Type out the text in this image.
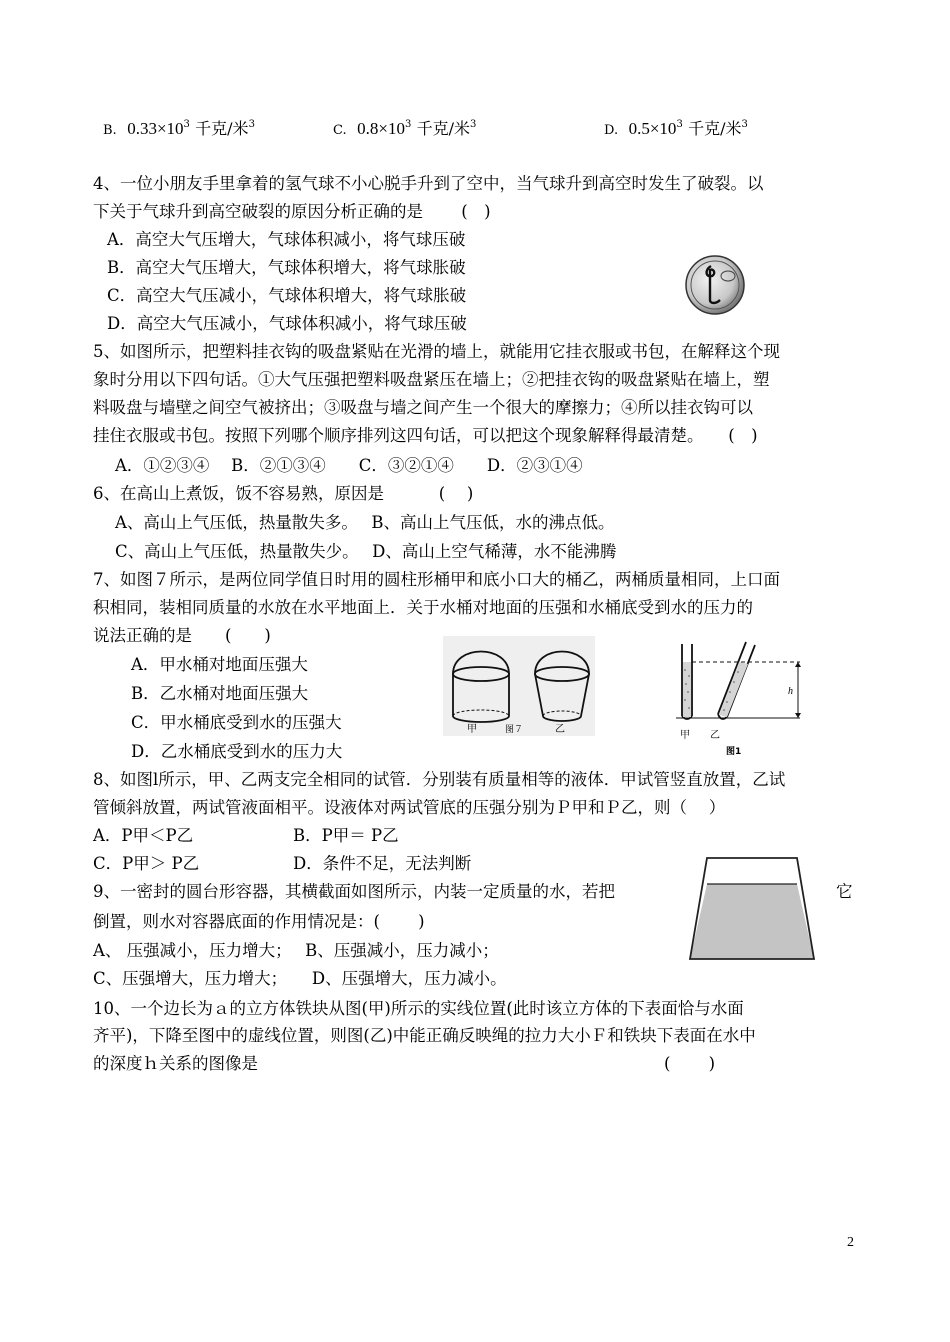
B. $0.33\times 10^3$ 千克/米$^3$	C. $0.8\times 10^3$ 千克/米$^3$	D. $0.5\times 10^3$ 千克/米$^3$
4、一位小朋友手里拿着的氢气球不小心脱手升到了空中，当气球升到高空时发生了破裂。以
下关于气球升到高空破裂的原因分析正确的是　　 (　)
A．高空大气压增大，气球体积减小，将气球压破
B．高空大气压增大，气球体积增大，将气球胀破
C．高空大气压减小，气球体积增大，将气球胀破
D．高空大气压减小，气球体积减小，将气球压破
5、如图所示，把塑料挂衣钩的吸盘紧贴在光滑的墙上，就能用它挂衣服或书包，在解释这个现
象时分用以下四句话。①大气压强把塑料吸盘紧压在墙上；②把挂衣钩的吸盘紧贴在墙上，塑
料吸盘与墙壁之间空气被挤出；③吸盘与墙之间产生一个很大的摩擦力；④所以挂衣钩可以
挂住衣服或书包。按照下列哪个顺序排列这四句话，可以把这个现象解释得最清楚。　　(　)
A．①②③④　 B．②①③④　　C．③②①④　　D．②③①④
6、在高山上煮饭，饭不容易熟，原因是　　　 (　 )
A、高山上气压低，热量散失多。　 B、高山上气压低，水的沸点低。
C、高山上气压低，热量散失少。　 D、高山上空气稀薄，水不能沸腾
7、如图７所示，是两位同学值日时用的圆柱形桶甲和底小口大的桶乙，两桶质量相同，上口面
积相同，装相同质量的水放在水平地面上．关于水桶对地面的压强和水桶底受到水的压力的
说法正确的是　　(　　)
A．甲水桶对地面压强大
B．乙水桶对地面压强大
C．甲水桶底受到水的压强大
D．乙水桶底受到水的压力大
甲	图７	乙
h
甲 乙
图1
8、如图l所示，甲、乙两支完全相同的试管．分别装有质量相等的液体．甲试管竖直放置，乙试
管倾斜放置，两试管液面相平。设液体对两试管底的压强分别为Ｐ甲和Ｐ乙，则（　 ）
A．P甲＜P乙	B．P甲＝ P乙
C．P甲＞ P乙	D．条件不足，无法判断
9、一密封的圆台形容器，其横截面如图所示，内装一定质量的水，若把	它
倒置，则水对容器底面的作用情况是：(　　 )
A、 压强减小，压力增大；　 B、压强减小，压力减小；
C、压强增大，压力增大；　　D、压强增大，压力减小。
10、一个边长为ａ的立方体铁块从图(甲)所示的实线位置(此时该立方体的下表面恰与水面
齐平)，下降至图中的虚线位置，则图(乙)中能正确反映绳的拉力大小Ｆ和铁块下表面在水中
的深度ｈ关系的图像是	(　　 )
2
